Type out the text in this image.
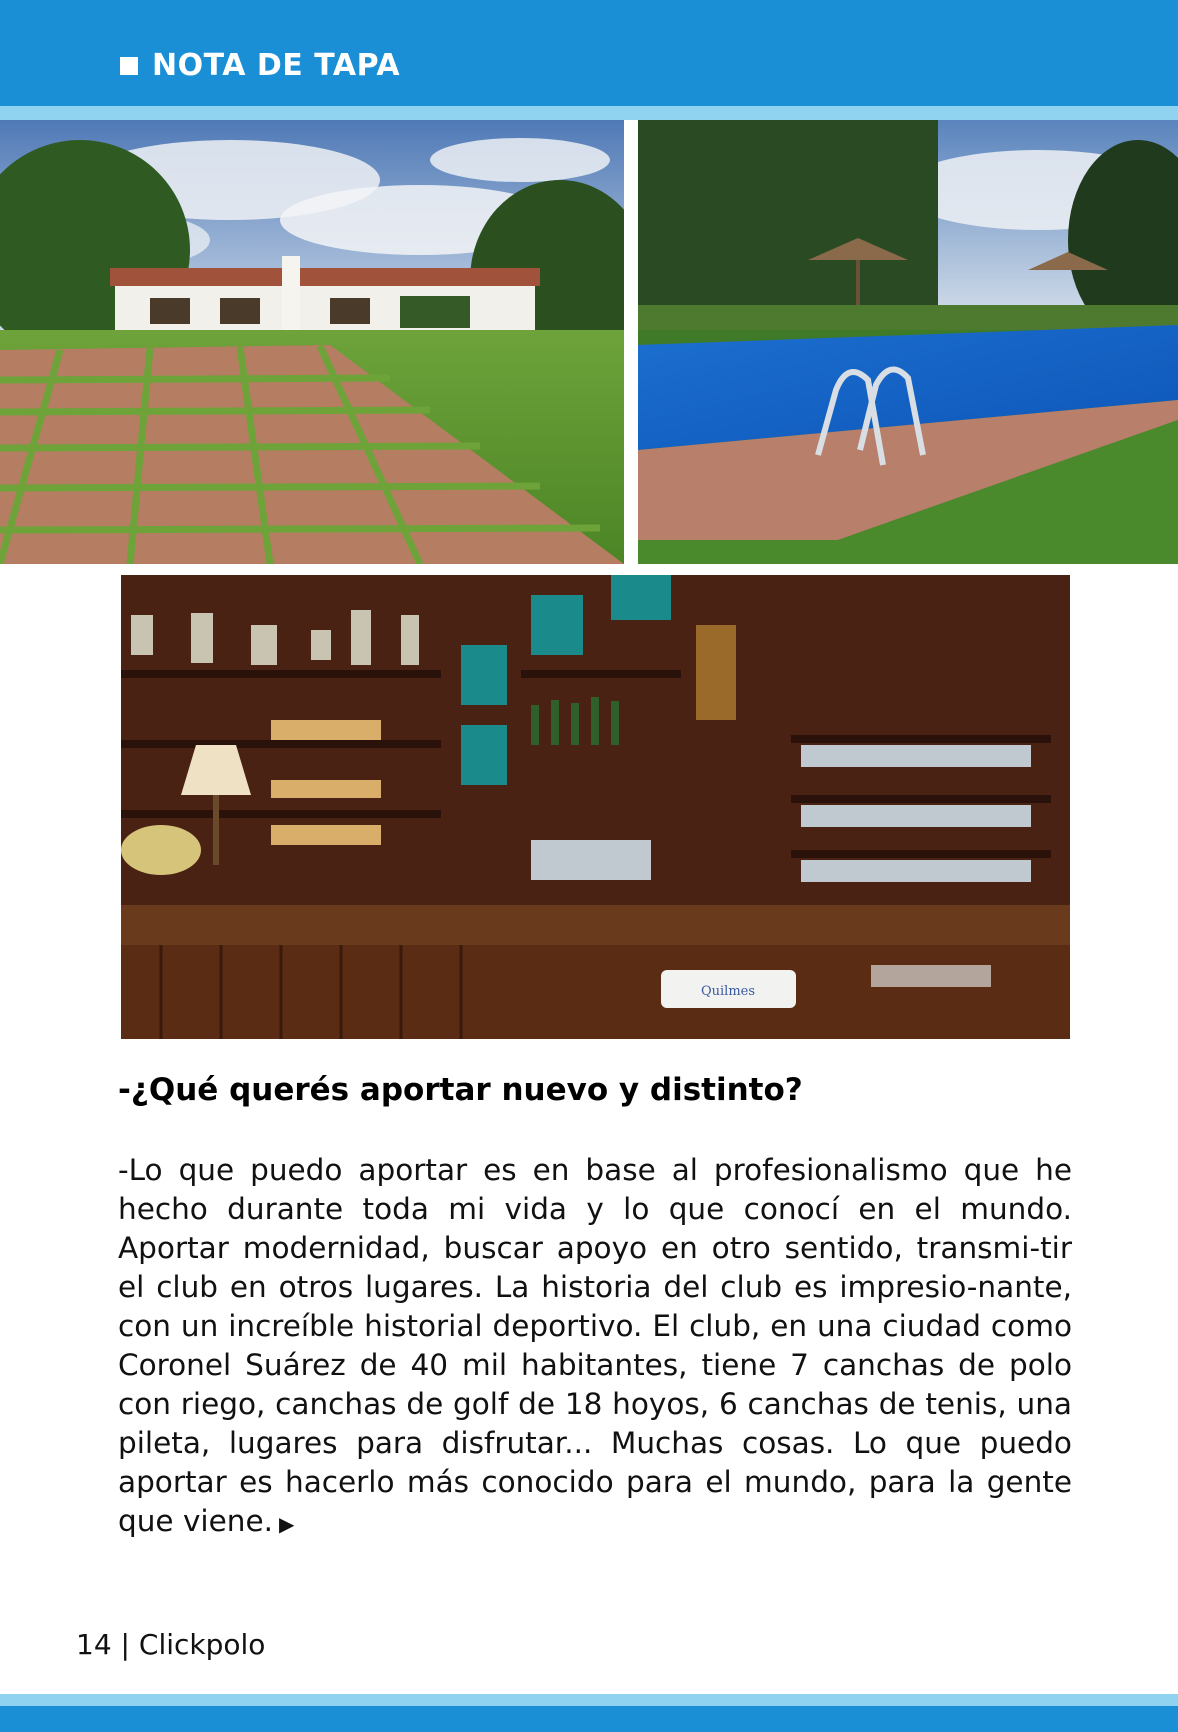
NOTA DE TAPA
Quilmes
-¿Qué querés aportar nuevo y distinto?

-Lo que puedo aportar es en base al profesionalismo que he hecho durante toda mi vida y lo que conocí en el mundo. Aportar modernidad, buscar apoyo en otro sentido, transmi-tir el club en otros lugares. La historia del club es impresio-nante, con un increíble historial deportivo. El club, en una ciudad como Coronel Suárez de 40 mil habitantes, tiene 7 canchas de polo con riego, canchas de golf de 18 hoyos, 6 canchas de tenis, una pileta, lugares para disfrutar... Muchas cosas. Lo que puedo aportar es hacerlo más conocido para el mundo, para la gente que viene. ▶

14 | Clickpolo
